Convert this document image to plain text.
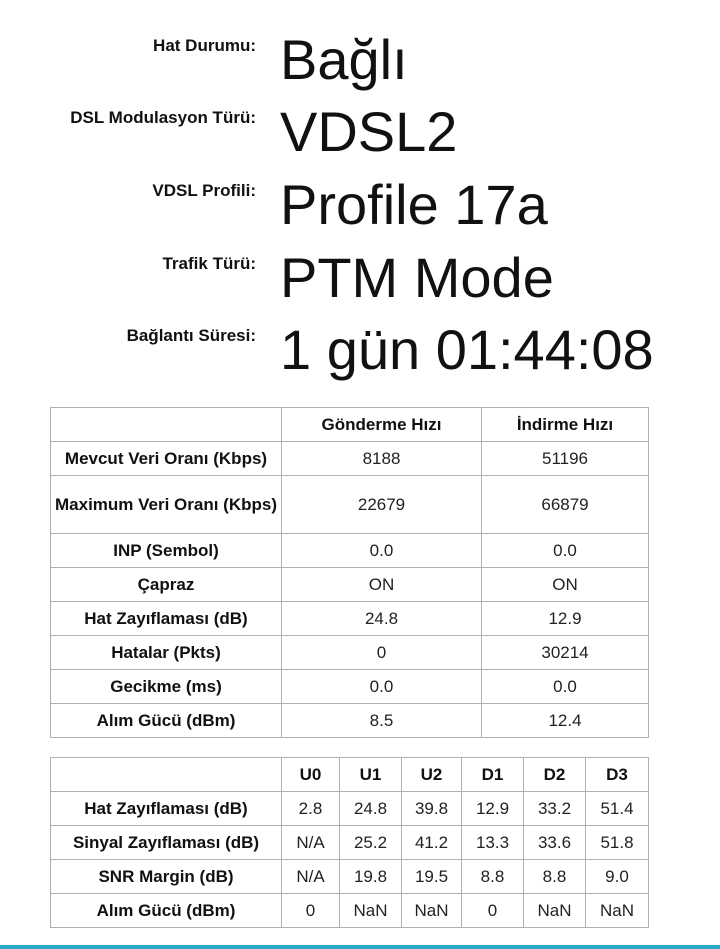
Hat Durumu: Bağlı
DSL Modulasyon Türü: VDSL2
VDSL Profili: Profile 17a
Trafik Türü: PTM Mode
Bağlantı Süresi: 1 gün 01:44:08
	Gönderme Hızı	İndirme Hızı
Mevcut Veri Oranı (Kbps)	8188	51196
Maximum Veri Oranı (Kbps)	22679	66879
INP (Sembol)	0.0	0.0
Çapraz	ON	ON
Hat Zayıflaması (dB)	24.8	12.9
Hatalar (Pkts)	0	30214
Gecikme (ms)	0.0	0.0
Alım Gücü (dBm)	8.5	12.4
	U0	U1	U2	D1	D2	D3
Hat Zayıflaması (dB)	2.8	24.8	39.8	12.9	33.2	51.4
Sinyal Zayıflaması (dB)	N/A	25.2	41.2	13.3	33.6	51.8
SNR Margin (dB)	N/A	19.8	19.5	8.8	8.8	9.0
Alım Gücü (dBm)	0	NaN	NaN	0	NaN	NaN
